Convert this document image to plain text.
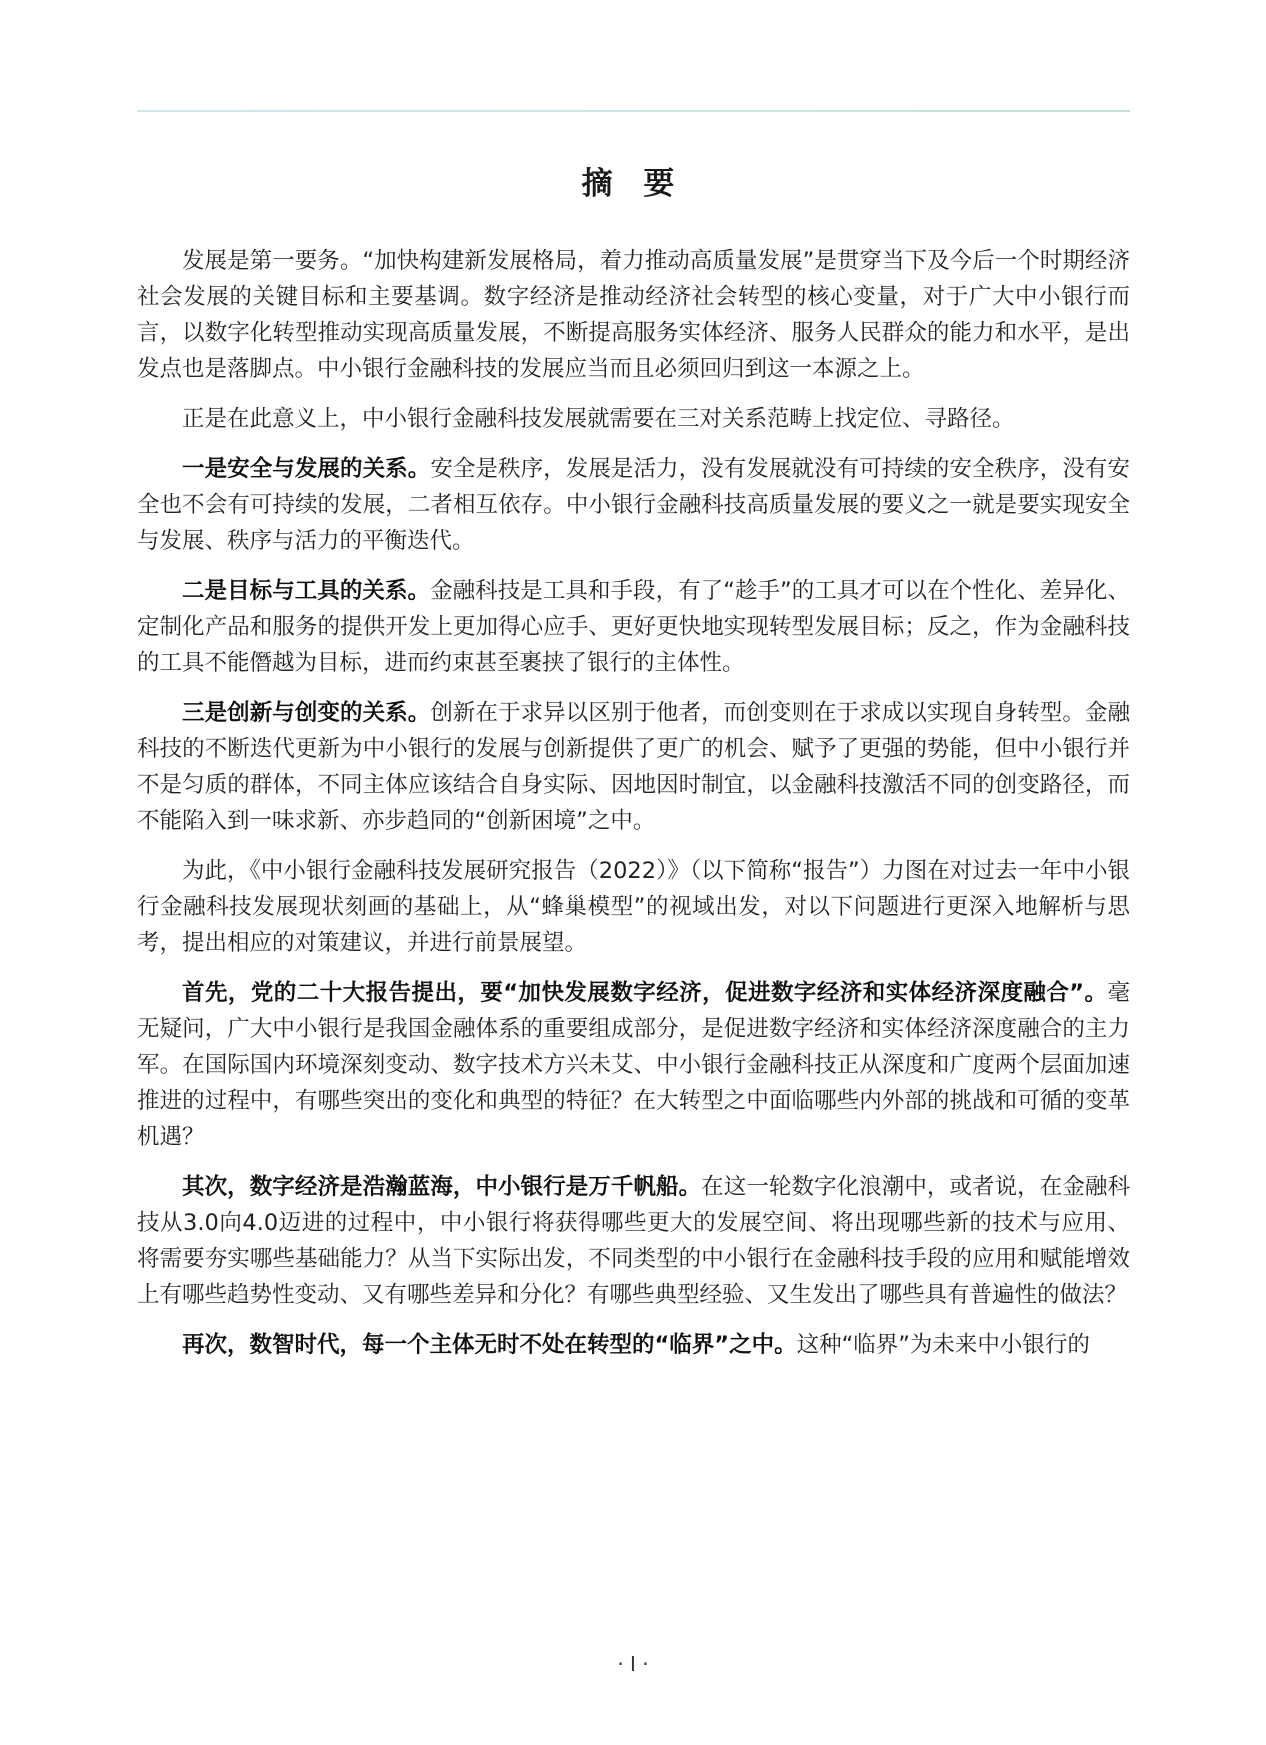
摘 要

发展是第一要务。“加快构建新发展格局，着力推动高质量发展”是贯穿当下及今后一个时期经济社会发展的关键目标和主要基调。数字经济是推动经济社会转型的核心变量，对于广大中小银行而言，以数字化转型推动实现高质量发展，不断提高服务实体经济、服务人民群众的能力和水平，是出发点也是落脚点。中小银行金融科技的发展应当而且必须回归到这一本源之上。

正是在此意义上，中小银行金融科技发展就需要在三对关系范畴上找定位、寻路径。

一是安全与发展的关系。安全是秩序，发展是活力，没有发展就没有可持续的安全秩序，没有安全也不会有可持续的发展，二者相互依存。中小银行金融科技高质量发展的要义之一就是要实现安全与发展、秩序与活力的平衡迭代。

二是目标与工具的关系。金融科技是工具和手段，有了“趁手”的工具才可以在个性化、差异化、定制化产品和服务的提供开发上更加得心应手、更好更快地实现转型发展目标；反之，作为金融科技的工具不能僭越为目标，进而约束甚至裹挟了银行的主体性。

三是创新与创变的关系。创新在于求异以区别于他者，而创变则在于求成以实现自身转型。金融科技的不断迭代更新为中小银行的发展与创新提供了更广的机会、赋予了更强的势能，但中小银行并不是匀质的群体，不同主体应该结合自身实际、因地因时制宜，以金融科技激活不同的创变路径，而不能陷入到一味求新、亦步趋同的“创新困境”之中。

为此，《中小银行金融科技发展研究报告（2022）》（以下简称“报告”）力图在对过去一年中小银行金融科技发展现状刻画的基础上，从“蜂巢模型”的视域出发，对以下问题进行更深入地解析与思考，提出相应的对策建议，并进行前景展望。

首先，党的二十大报告提出，要“加快发展数字经济，促进数字经济和实体经济深度融合”。毫无疑问，广大中小银行是我国金融体系的重要组成部分，是促进数字经济和实体经济深度融合的主力军。在国际国内环境深刻变动、数字技术方兴未艾、中小银行金融科技正从深度和广度两个层面加速推进的过程中，有哪些突出的变化和典型的特征？在大转型之中面临哪些内外部的挑战和可循的变革机遇？

其次，数字经济是浩瀚蓝海，中小银行是万千帆船。在这一轮数字化浪潮中，或者说，在金融科技从3.0向4.0迈进的过程中，中小银行将获得哪些更大的发展空间、将出现哪些新的技术与应用、将需要夯实哪些基础能力？从当下实际出发，不同类型的中小银行在金融科技手段的应用和赋能增效上有哪些趋势性变动、又有哪些差异和分化？有哪些典型经验、又生发出了哪些具有普遍性的做法？

再次，数智时代，每一个主体无时不处在转型的“临界”之中。这种“临界”为未来中小银行的

· I ·
